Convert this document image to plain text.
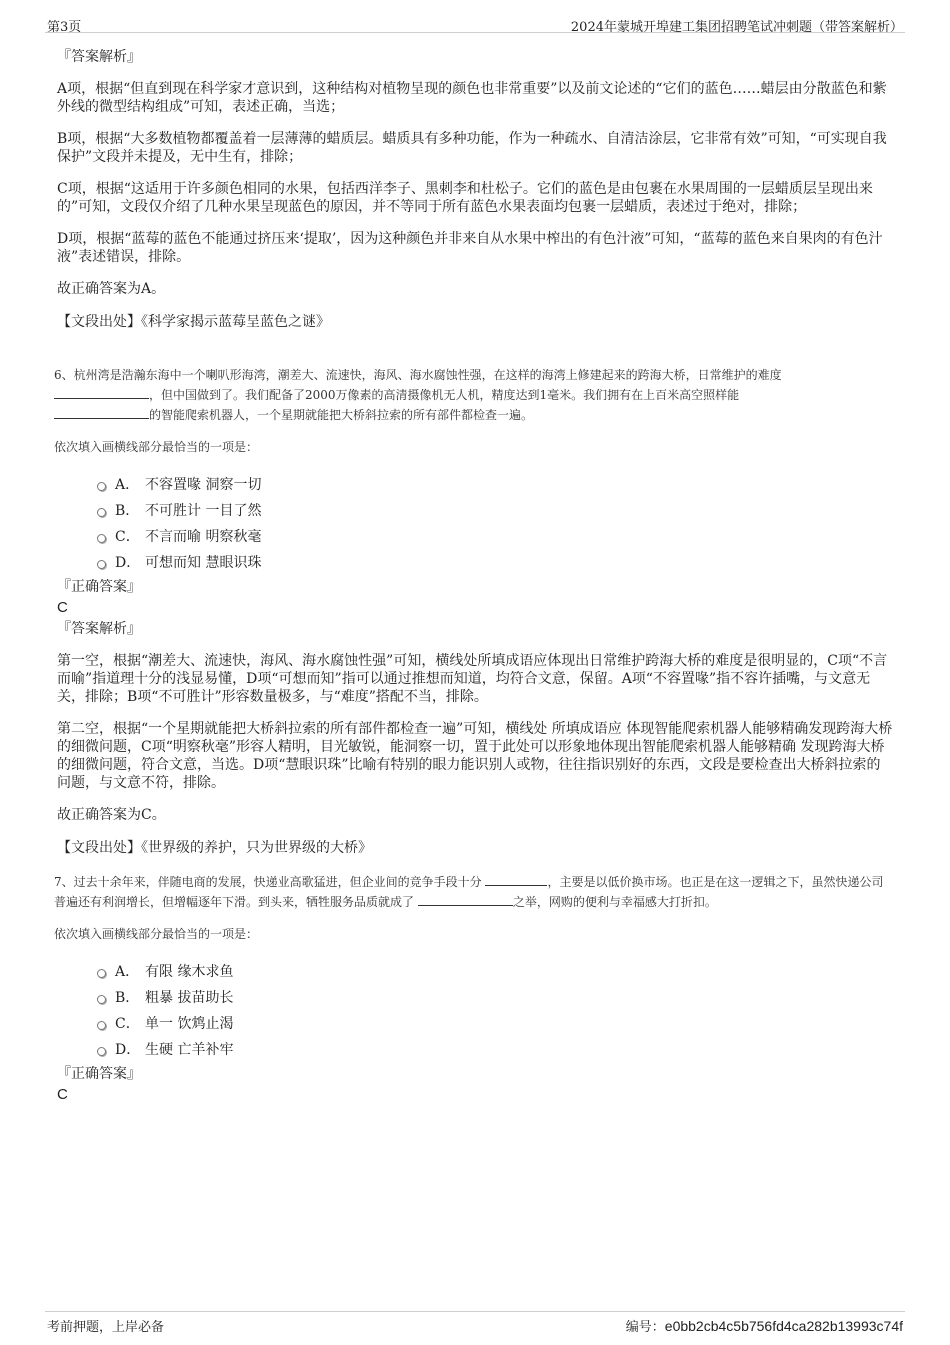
第3页	2024年蒙城开埠建工集团招聘笔试冲刺题（带答案解析）

『答案解析』

A项，根据“但直到现在科学家才意识到，这种结构对植物呈现的颜色也非常重要”以及前文论述的“它们的蓝色……蜡层由分散蓝色和紫外线的微型结构组成”可知，表述正确，当选；

B项，根据“大多数植物都覆盖着一层薄薄的蜡质层。蜡质具有多种功能，作为一种疏水、自清洁涂层，它非常有效”可知，“可实现自我保护”文段并未提及，无中生有，排除；

C项，根据“这适用于许多颜色相同的水果，包括西洋李子、黑刺李和杜松子。它们的蓝色是由包裹在水果周围的一层蜡质层呈现出来的”可知，文段仅介绍了几种水果呈现蓝色的原因，并不等同于所有蓝色水果表面均包裹一层蜡质，表述过于绝对，排除；

D项，根据“蓝莓的蓝色不能通过挤压来‘提取’，因为这种颜色并非来自从水果中榨出的有色汁液”可知，“蓝莓的蓝色来自果肉的有色汁液”表述错误，排除。

故正确答案为A。

【文段出处】《科学家揭示蓝莓呈蓝色之谜》

6、杭州湾是浩瀚东海中一个喇叭形海湾，潮差大、流速快，海风、海水腐蚀性强，在这样的海湾上修建起来的跨海大桥，日常维护的难度
，但中国做到了。我们配备了2000万像素的高清摄像机无人机，精度达到1毫米。我们拥有在上百米高空照样能
的智能爬索机器人，一个星期就能把大桥斜拉索的所有部件都检查一遍。

依次填入画横线部分最恰当的一项是：

A． 不容置喙 洞察一切
B． 不可胜计 一目了然
C． 不言而喻 明察秋毫
D． 可想而知 慧眼识珠

『正确答案』

C

『答案解析』

第一空，根据“潮差大、流速快，海风、海水腐蚀性强”可知，横线处所填成语应体现出日常维护跨海大桥的难度是很明显的，C项“不言而喻”指道理十分的浅显易懂，D项“可想而知”指可以通过推想而知道，均符合文意，保留。A项“不容置喙”指不容许插嘴，与文意无关，排除；B项“不可胜计”形容数量极多，与“难度”搭配不当，排除。

第二空，根据“一个星期就能把大桥斜拉索的所有部件都检查一遍”可知，横线处 所填成语应 体现智能爬索机器人能够精确发现跨海大桥的细微问题，C项“明察秋毫”形容人精明，目光敏锐，能洞察一切，置于此处可以形象地体现出智能爬索机器人能够精确 发现跨海大桥的细微问题，符合文意，当选。D项“慧眼识珠”比喻有特别的眼力能识别人或物，往往指识别好的东西，文段是要检查出大桥斜拉索的问题，与文意不符，排除。

故正确答案为C。

【文段出处】《世界级的养护，只为世界级的大桥》

7、过去十余年来，伴随电商的发展，快递业高歌猛进，但企业间的竞争手段十分	，主要是以低价换市场。也正是在这一逻辑之下，虽然快递公司普遍还有利润增长，但增幅逐年下滑。到头来，牺牲服务品质就成了	之举，网购的便利与幸福感大打折扣。

依次填入画横线部分最恰当的一项是：

A． 有限 缘木求鱼
B． 粗暴 拔苗助长
C． 单一 饮鸩止渴
D． 生硬 亡羊补牢

『正确答案』

C

考前押题，上岸必备	编号：e0bb2cb4c5b756fd4ca282b13993c74f
